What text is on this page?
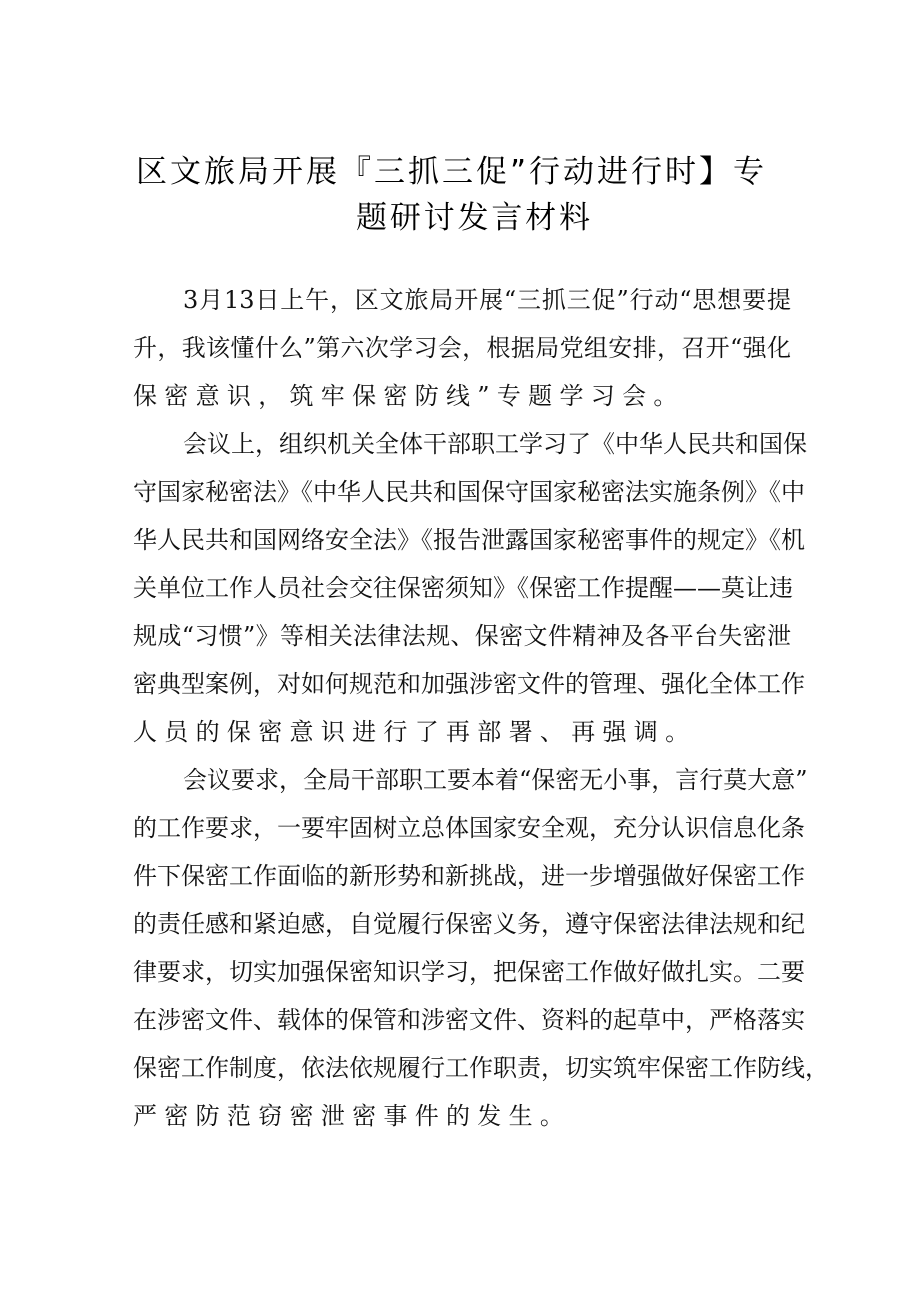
区文旅局开展『三抓三促”行动进行时】专
题研讨发言材料
3月13日上午，区文旅局开展“三抓三促”行动“思想要提
升，我该懂什么”第六次学习会，根据局党组安排，召开“强化
保密意识，筑牢保密防线”专题学习会。
会议上，组织机关全体干部职工学习了《中华人民共和国保
守国家秘密法》《中华人民共和国保守国家秘密法实施条例》《中
华人民共和国网络安全法》《报告泄露国家秘密事件的规定》《机
关单位工作人员社会交往保密须知》《保密工作提醒——莫让违
规成“习惯”》等相关法律法规、保密文件精神及各平台失密泄
密典型案例，对如何规范和加强涉密文件的管理、强化全体工作
人员的保密意识进行了再部署、再强调。
会议要求，全局干部职工要本着“保密无小事，言行莫大意”
的工作要求，一要牢固树立总体国家安全观，充分认识信息化条
件下保密工作面临的新形势和新挑战，进一步增强做好保密工作
的责任感和紧迫感，自觉履行保密义务，遵守保密法律法规和纪
律要求，切实加强保密知识学习，把保密工作做好做扎实。二要
在涉密文件、载体的保管和涉密文件、资料的起草中，严格落实
保密工作制度，依法依规履行工作职责，切实筑牢保密工作防线，
严密防范窃密泄密事件的发生。
